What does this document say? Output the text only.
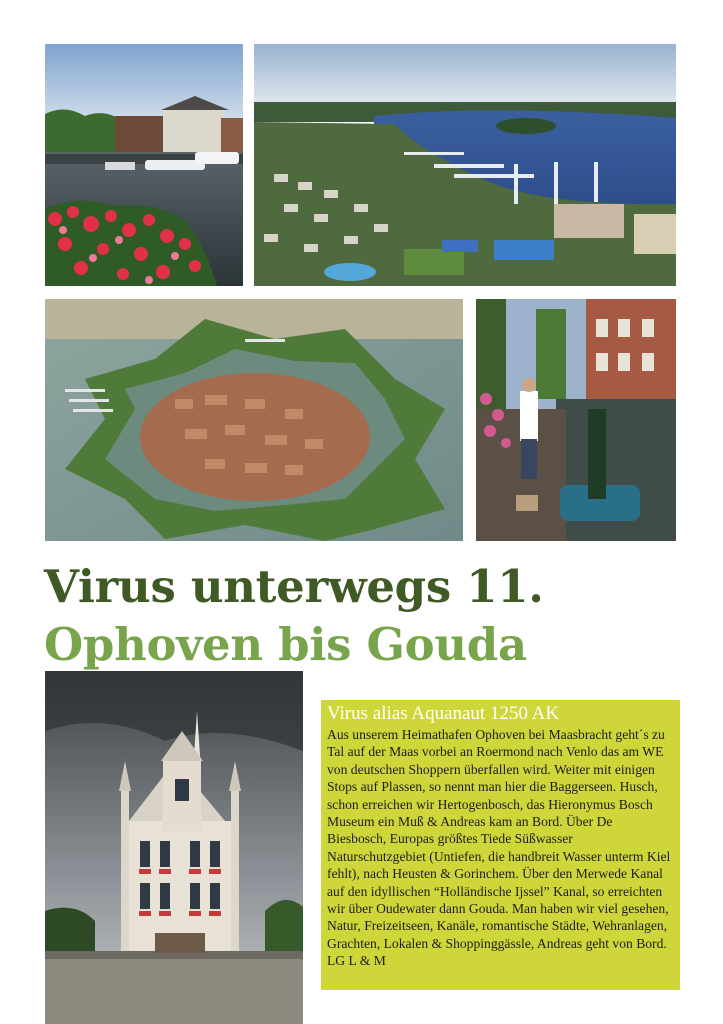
Virus unterwegs 11.
Ophoven bis Gouda

Virus alias Aquanaut 1250 AK

Aus unserem Heimathafen Ophoven bei Maasbracht geht´s zu Tal auf der Maas vorbei an Roermond nach Venlo das am WE von deutschen Shoppern überfallen wird. Weiter mit einigen Stops auf Plassen, so nennt man hier die Baggerseen. Husch, schon erreichen wir Hertogenbosch, das Hieronymus Bosch Museum ein Muß & Andreas kam an Bord. Über De Biesbosch, Europas größtes Tiede Süßwasser Naturschutzgebiet (Untiefen, die handbreit Wasser unterm Kiel fehlt), nach Heusten & Gorinchem. Über den Merwede Kanal auf den idyllischen “Holländische Ijssel” Kanal, so erreichten wir über Oudewater dann Gouda. Man haben wir viel gesehen, Natur, Freizeitseen, Kanäle, romantische Städte, Wehranlagen, Grachten, Lokalen & Shoppinggässle, Andreas geht von Bord. LG L & M
